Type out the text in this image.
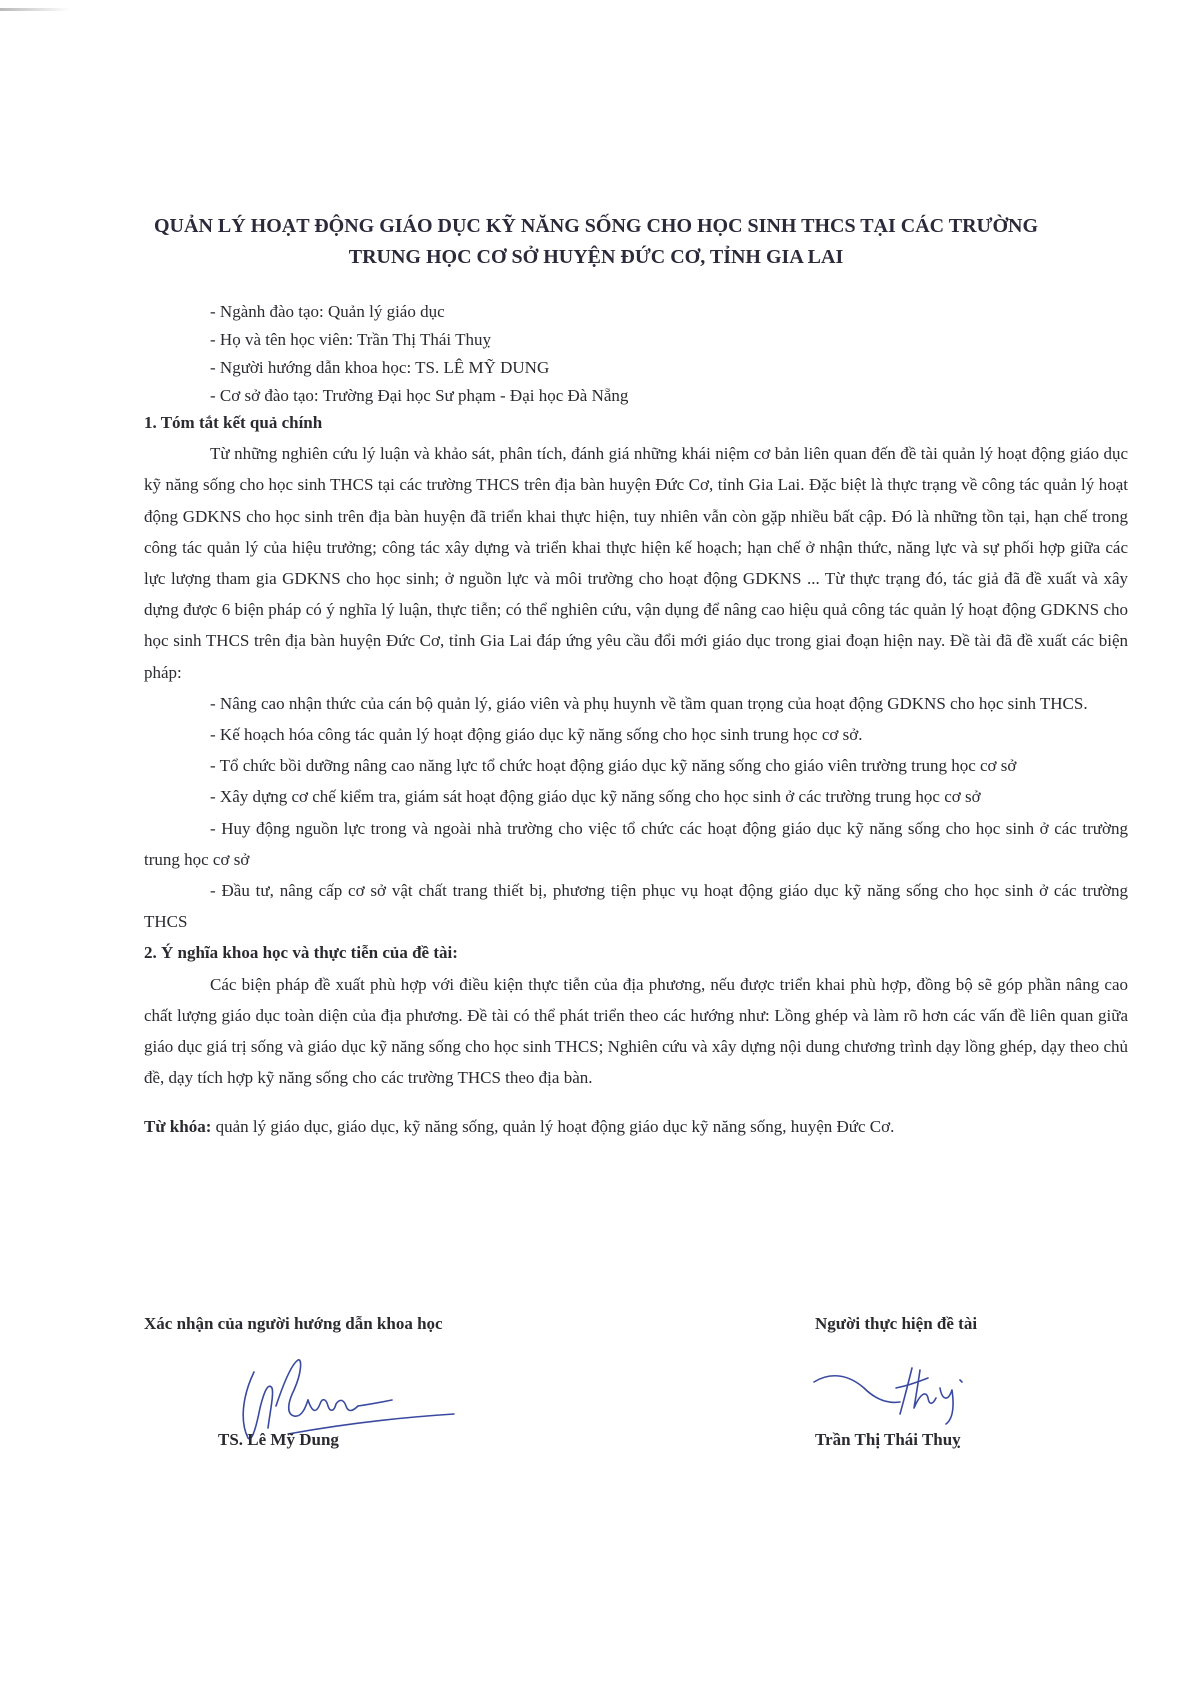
QUẢN LÝ HOẠT ĐỘNG GIÁO DỤC KỸ NĂNG SỐNG CHO HỌC SINH THCS TẠI CÁC TRƯỜNG
TRUNG HỌC CƠ SỞ HUYỆN ĐỨC CƠ, TỈNH GIA LAI
- Ngành đào tạo: Quản lý giáo dục
- Họ và tên học viên: Trần Thị Thái Thuỵ
- Người hướng dẫn khoa học: TS. LÊ MỸ DUNG
- Cơ sở đào tạo: Trường Đại học Sư phạm - Đại học Đà Nẵng
1. Tóm tắt kết quả chính
Từ những nghiên cứu lý luận và khảo sát, phân tích, đánh giá những khái niệm cơ bản liên quan đến đề tài quản lý hoạt động giáo dục kỹ năng sống cho học sinh THCS tại các trường THCS trên địa bàn huyện Đức Cơ, tỉnh Gia Lai. Đặc biệt là thực trạng về công tác quản lý hoạt động GDKNS cho học sinh trên địa bàn huyện đã triển khai thực hiện, tuy nhiên vẫn còn gặp nhiều bất cập. Đó là những tồn tại, hạn chế trong công tác quản lý của hiệu trưởng; công tác xây dựng và triển khai thực hiện kế hoạch; hạn chế ở nhận thức, năng lực và sự phối hợp giữa các lực lượng tham gia GDKNS cho học sinh; ở nguồn lực và môi trường cho hoạt động GDKNS ... Từ thực trạng đó, tác giả đã đề xuất và xây dựng được 6 biện pháp có ý nghĩa lý luận, thực tiễn; có thể nghiên cứu, vận dụng để nâng cao hiệu quả công tác quản lý hoạt động GDKNS cho học sinh THCS trên địa bàn huyện Đức Cơ, tỉnh Gia Lai đáp ứng yêu cầu đổi mới giáo dục trong giai đoạn hiện nay. Đề tài đã đề xuất các biện pháp:
- Nâng cao nhận thức của cán bộ quản lý, giáo viên và phụ huynh về tầm quan trọng của hoạt động GDKNS cho học sinh THCS.
- Kế hoạch hóa công tác quản lý hoạt động giáo dục kỹ năng sống cho học sinh trung học cơ sở.
- Tổ chức bồi dưỡng nâng cao năng lực tổ chức hoạt động giáo dục kỹ năng sống cho giáo viên trường trung học cơ sở
- Xây dựng cơ chế kiểm tra, giám sát hoạt động giáo dục kỹ năng sống cho học sinh ở các trường trung học cơ sở
- Huy động nguồn lực trong và ngoài nhà trường cho việc tổ chức các hoạt động giáo dục kỹ năng sống cho học sinh ở các trường trung học cơ sở
- Đầu tư, nâng cấp cơ sở vật chất trang thiết bị, phương tiện phục vụ hoạt động giáo dục kỹ năng sống cho học sinh ở các trường THCS
2. Ý nghĩa khoa học và thực tiễn của đề tài:
Các biện pháp đề xuất phù hợp với điều kiện thực tiễn của địa phương, nếu được triển khai phù hợp, đồng bộ sẽ góp phần nâng cao chất lượng giáo dục toàn diện của địa phương. Đề tài có thể phát triển theo các hướng như: Lồng ghép và làm rõ hơn các vấn đề liên quan giữa giáo dục giá trị sống và giáo dục kỹ năng sống cho học sinh THCS; Nghiên cứu và xây dựng nội dung chương trình dạy lồng ghép, dạy theo chủ đề, dạy tích hợp kỹ năng sống cho các trường THCS theo địa bàn.
Từ khóa: quản lý giáo dục, giáo dục, kỹ năng sống, quản lý hoạt động giáo dục kỹ năng sống, huyện Đức Cơ.
Xác nhận của người hướng dẫn khoa học	Người thực hiện đề tài
TS. Lê Mỹ Dung	Trần Thị Thái Thuỵ
